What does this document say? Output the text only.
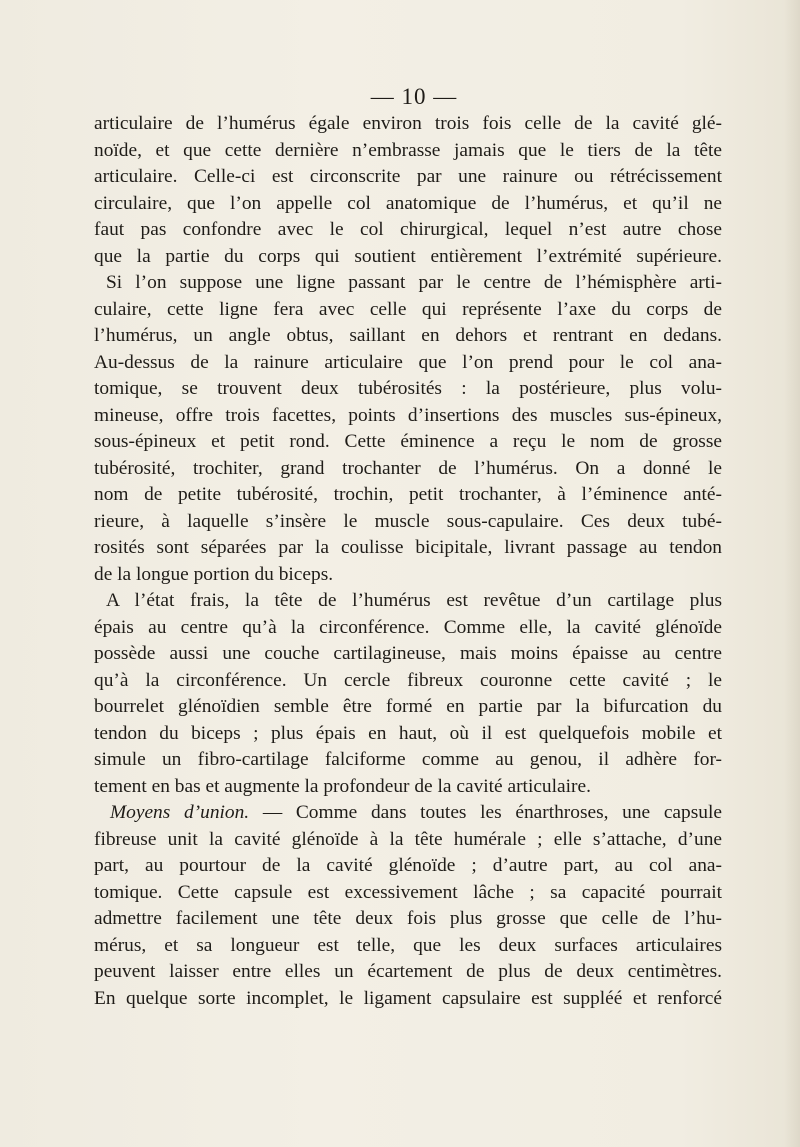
— 10 —
articulaire de l’humérus égale environ trois fois celle de la cavité glé-
noïde, et que cette dernière n’embrasse jamais que le tiers de la tête
articulaire. Celle-ci est circonscrite par une rainure ou rétrécissement
circulaire, que l’on appelle col anatomique de l’humérus, et qu’il ne
faut pas confondre avec le col chirurgical, lequel n’est autre chose
que la partie du corps qui soutient entièrement l’extrémité supérieure.
Si l’on suppose une ligne passant par le centre de l’hémisphère arti-
culaire, cette ligne fera avec celle qui représente l’axe du corps de
l’humérus, un angle obtus, saillant en dehors et rentrant en dedans.
Au-dessus de la rainure articulaire que l’on prend pour le col ana-
tomique, se trouvent deux tubérosités : la postérieure, plus volu-
mineuse, offre trois facettes, points d’insertions des muscles sus-épineux,
sous-épineux et petit rond. Cette éminence a reçu le nom de grosse
tubérosité, trochiter, grand trochanter de l’humérus. On a donné le
nom de petite tubérosité, trochin, petit trochanter, à l’éminence anté-
rieure, à laquelle s’insère le muscle sous-capulaire. Ces deux tubé-
rosités sont séparées par la coulisse bicipitale, livrant passage au tendon
de la longue portion du biceps.
A l’état frais, la tête de l’humérus est revêtue d’un cartilage plus
épais au centre qu’à la circonférence. Comme elle, la cavité glénoïde
possède aussi une couche cartilagineuse, mais moins épaisse au centre
qu’à la circonférence. Un cercle fibreux couronne cette cavité ; le
bourrelet glénoïdien semble être formé en partie par la bifurcation du
tendon du biceps ; plus épais en haut, où il est quelquefois mobile et
simule un fibro-cartilage falciforme comme au genou, il adhère for-
tement en bas et augmente la profondeur de la cavité articulaire.
Moyens d’union. — Comme dans toutes les énarthroses, une capsule
fibreuse unit la cavité glénoïde à la tête humérale ; elle s’attache, d’une
part, au pourtour de la cavité glénoïde ; d’autre part, au col ana-
tomique. Cette capsule est excessivement lâche ; sa capacité pourrait
admettre facilement une tête deux fois plus grosse que celle de l’hu-
mérus, et sa longueur est telle, que les deux surfaces articulaires
peuvent laisser entre elles un écartement de plus de deux centimètres.
En quelque sorte incomplet, le ligament capsulaire est suppléé et renforcé
